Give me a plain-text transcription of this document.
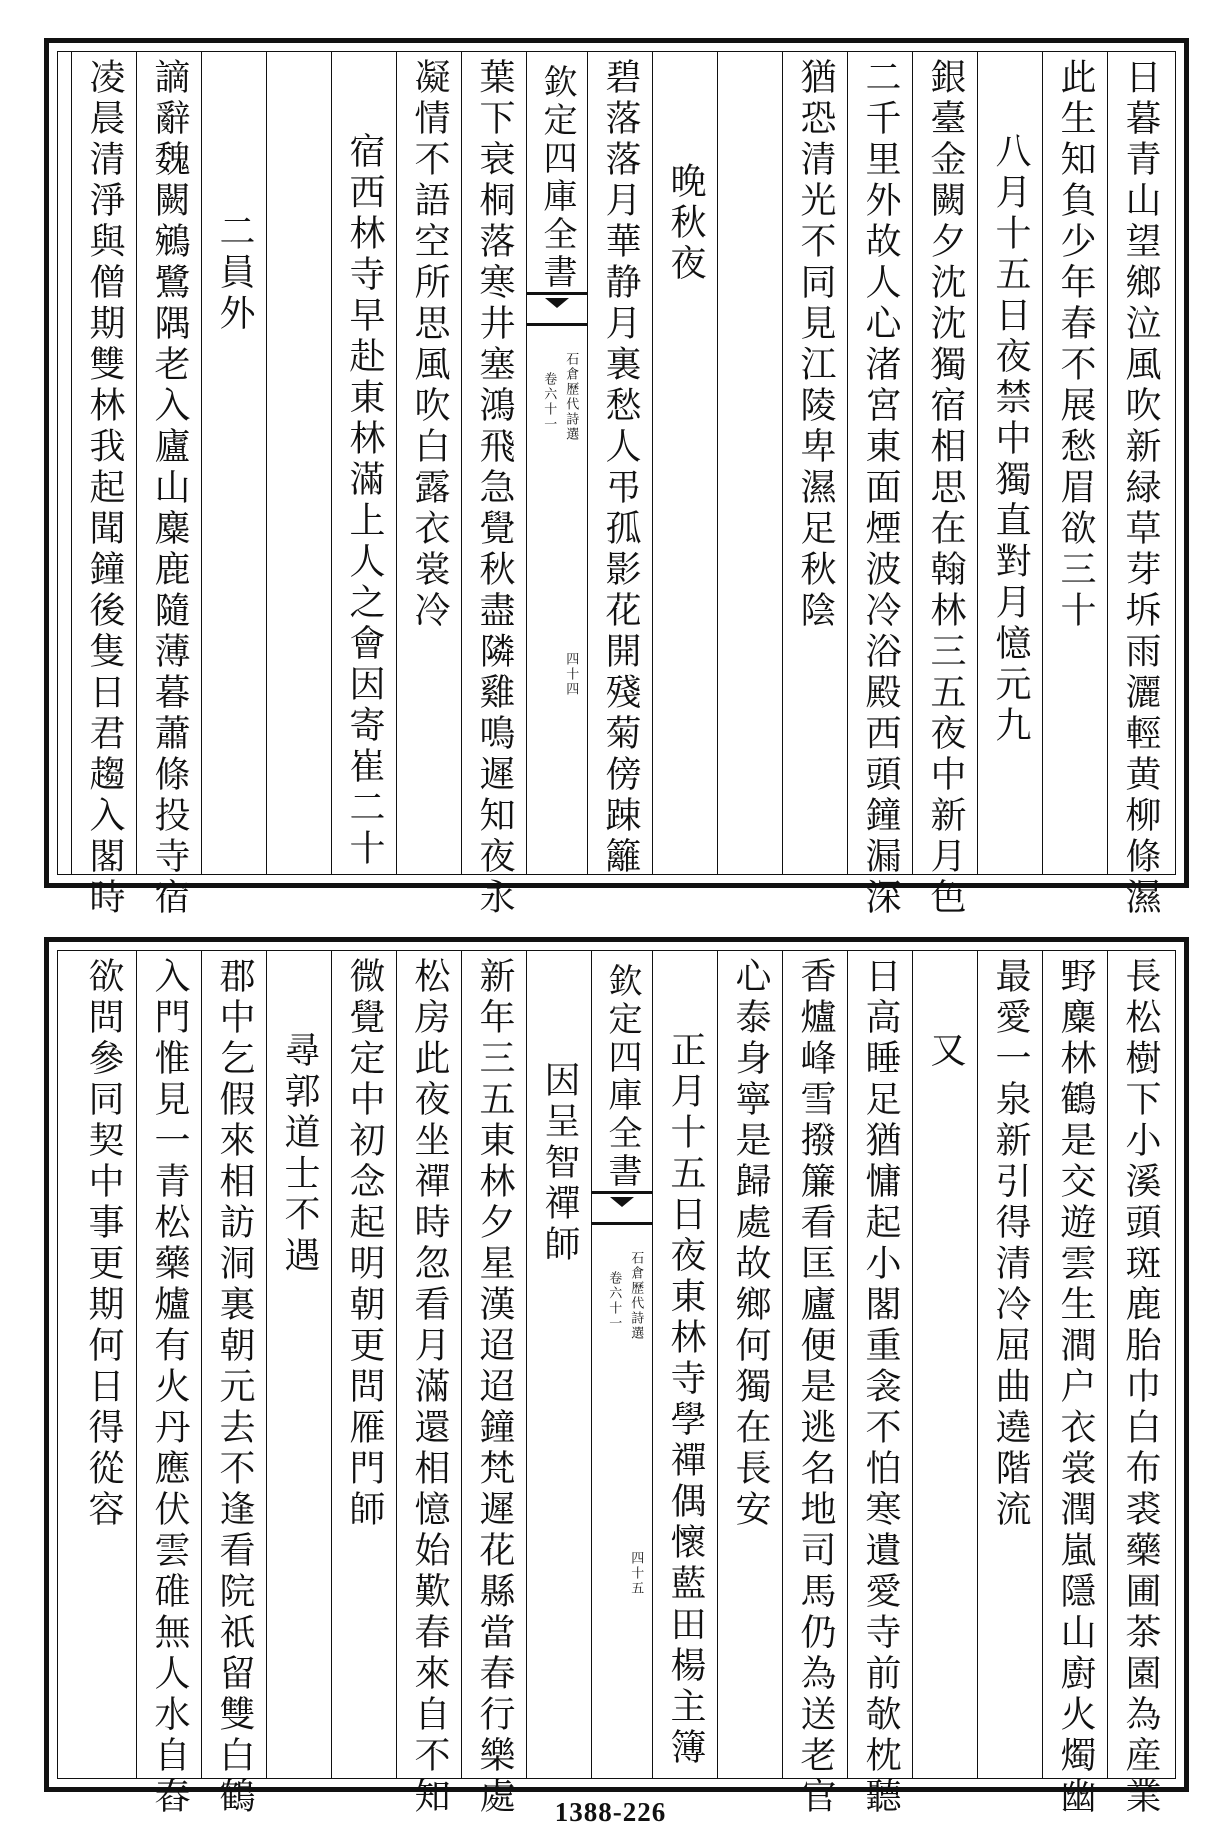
日暮青山望鄉泣風吹新緑草芽坼雨灑輕黄柳條濕
此生知負少年春不展愁眉欲三十
八月十五日夜禁中獨直對月憶元九
銀臺金闕夕沈沈獨宿相思在翰林三五夜中新月色
二千里外故人心渚宮東面煙波冷浴殿西頭鐘漏深
猶恐清光不同見江陵卑濕足秋陰
晚秋夜
碧落落月華静月裏愁人弔孤影花開殘菊傍踈籬
欽定四庫全書
石倉歷代詩選
卷六十一
四十四
葉下衰桐落寒井塞鴻飛急覺秋盡隣雞鳴遲知夜永
凝情不語空所思風吹白露衣裳冷
宿西林寺早赴東林滿上人之會因寄崔二十
二員外
謫辭魏闕鵷鷺隅老入廬山麋鹿隨薄暮蕭條投寺宿
凌晨清淨與僧期雙林我起聞鐘後隻日君趨入閣時
長松樹下小溪頭斑鹿胎巾白布裘藥圃茶園為産業
野麋林鶴是交遊雲生澗户衣裳潤嵐隱山廚火燭幽
最愛一泉新引得清冷屈曲遶階流
又
日高睡足猶慵起小閣重衾不怕寒遺愛寺前欹枕聽
香爐峰雪撥簾看匡廬便是逃名地司馬仍為送老官
心泰身寧是歸處故鄉何獨在長安
正月十五日夜東林寺學禪偶懷藍田楊主簿
欽定四庫全書
石倉歷代詩選
卷六十一
四十五
因呈智禪師
新年三五東林夕星漢迢迢鐘梵遲花縣當春行樂處
松房此夜坐禪時忽看月滿還相憶始歎春來自不知
微覺定中初念起明朝更問雁門師
尋郭道士不遇
郡中乞假來相訪洞裏朝元去不逢看院祇留雙白鶴
入門惟見一青松藥爐有火丹應伏雲碓無人水自舂
欲問參同契中事更期何日得從容
1388-226
